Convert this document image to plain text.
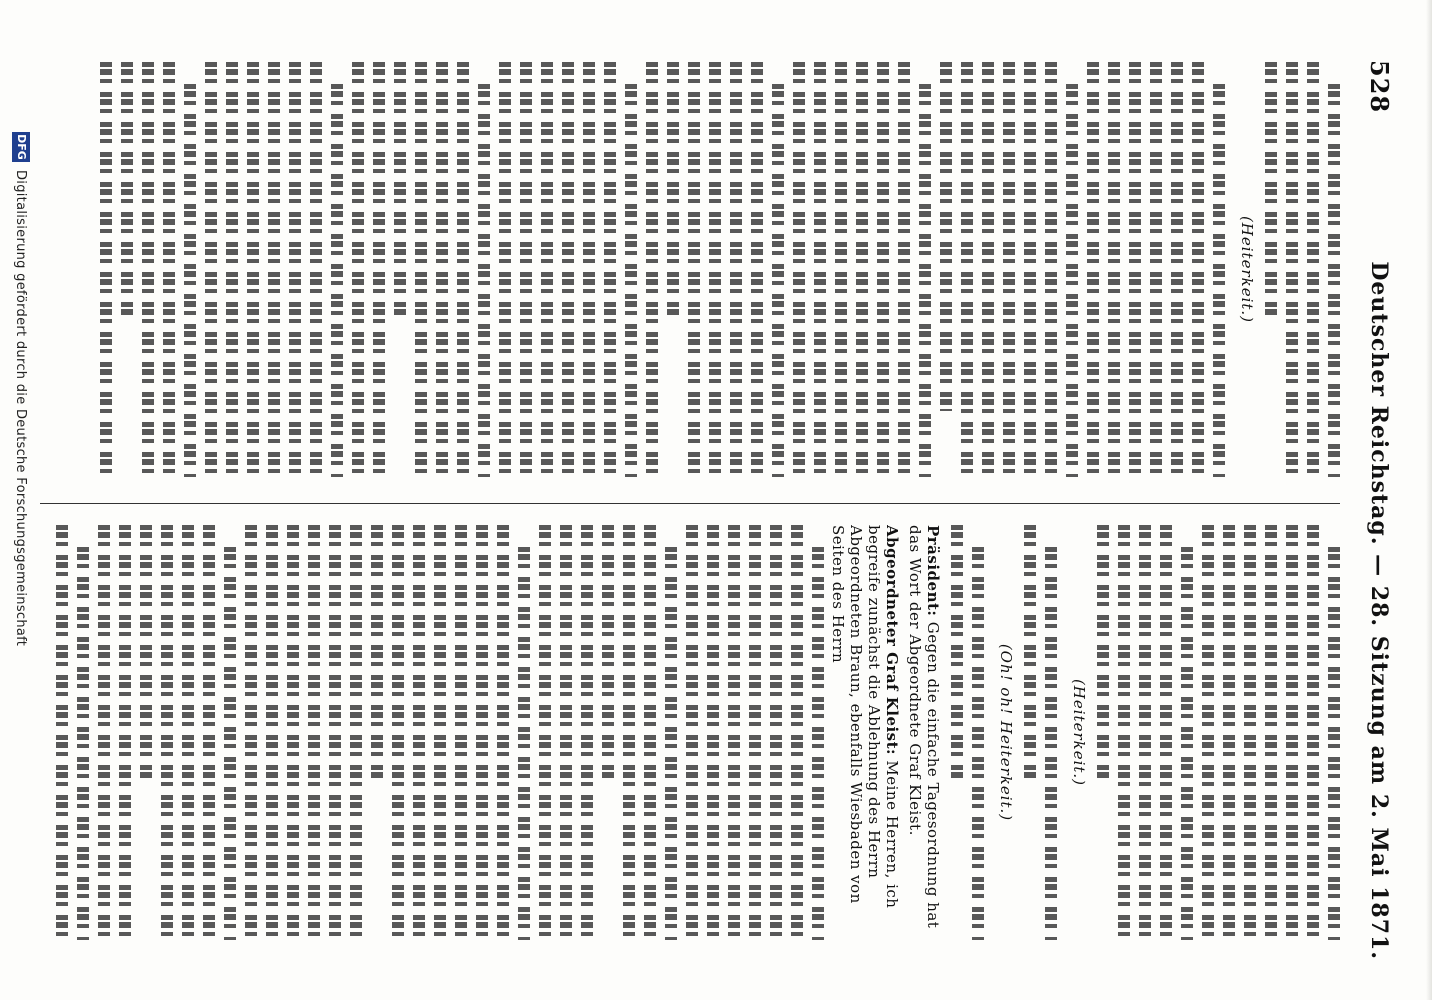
528
Deutscher Reichstag. — 28. Sitzung am 2. Mai 1871.
(Heiterkeit.)
(Heiterkeit.)
(Oh! oh! Heiterkeit.)
Präsident: Gegen die einfache Tagesordnung hat das Wort der Abgeordnete Graf Kleist.
Abgeordneter Graf Kleist: Meine Herren, ich begreife zunächst die Ablehnung des Herrn Abgeordneten Braun, ebenfalls Wiesbaden von Seiten des Herrn
DFG
Digitalisierung gefördert durch die Deutsche Forschungsgemeinschaft
